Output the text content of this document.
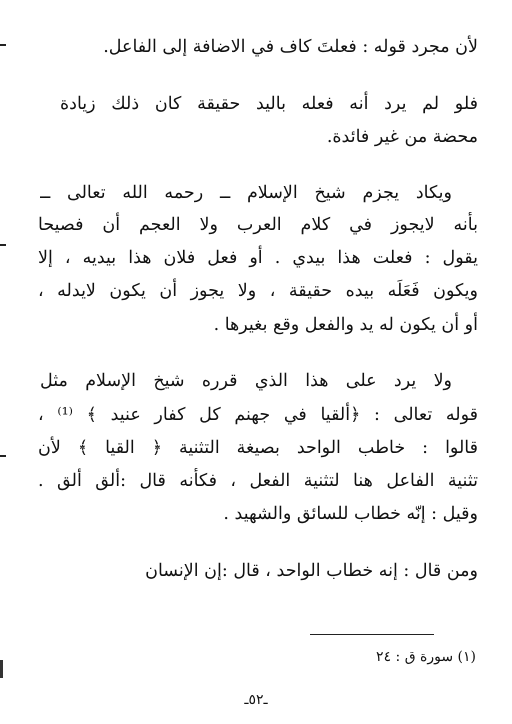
لأن مجرد قوله : فعلتَ كاف في الاضافة إلى الفاعل.
فلو لم يرد أنه فعله باليد حقيقة كان ذلك زيادة
محضة من غير فائدة.
ويكاد يجزم شيخ الإسلام ــ رحمه الله تعالى ــ
بأنه لايجوز في كلام العرب ولا العجم أن فصيحا
يقول : فعلت هذا بيدي . أو فعل فلان هذا بيديه ، إلا
ويكون فَعَلَه بيده حقيقة ، ولا يجوز أن يكون لايدله ،
أو أن يكون له يد والفعل وقع بغيرها .
ولا يرد على هذا الذي قرره شيخ الإسلام مثل
قوله تعالى : ﴿ألقيا في جهنم كل كفار عنيد ﴾ ⁽¹⁾ ،
قالوا : خاطب الواحد بصيغة التثنية ﴿ القيا ﴾ لأن
تثنية الفاعل هنا لتثنية الفعل ، فكأنه قال :ألق ألق .
وقيل : إنّه خطاب للسائق والشهيد .
ومن قال : إنه خطاب الواحد ، قال :إن الإنسان
(١) سورة ق : ٢٤
ـ٥٢ـ
